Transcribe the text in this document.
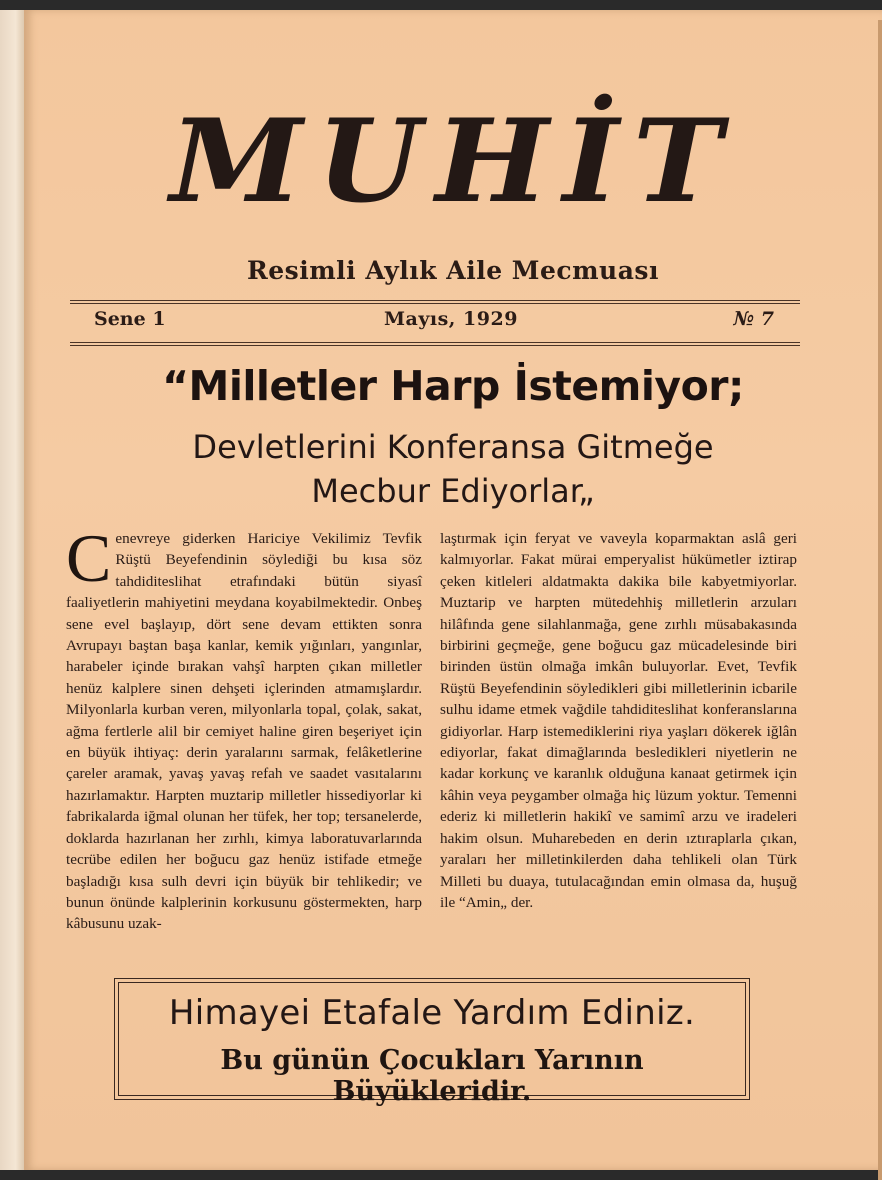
MUHİT
Resimli Aylık Aile Mecmuası
Sene 1	Mayıs, 1929	№ 7
“Milletler Harp İstemiyor;
Devletlerini Konferansa Gitmeğe
Mecbur Ediyorlar„
Cenevreye giderken Hariciye Vekilimiz Tevfik Rüştü Beyefendinin söylediği bu kısa söz tahdiditeslihat etrafındaki bütün siyasî faaliyetlerin mahiyetini meydana koyabilmektedir. Onbeş sene evel başlayıp, dört sene devam ettikten sonra Avrupayı baştan başa kanlar, kemik yığınları, yangınlar, harabeler içinde bırakan vahşî harpten çıkan milletler henüz kalplere sinen dehşeti içlerinden atmamışlardır. Milyonlarla kurban veren, milyonlarla topal, çolak, sakat, ağma fertlerle alil bir cemiyet haline giren beşeriyet için en büyük ihtiyaç: derin yaralarını sarmak, felâketlerine çareler aramak, yavaş yavaş refah ve saadet vasıtalarını hazırlamaktır. Harpten muztarip milletler hissediyorlar ki fabrikalarda iğmal olunan her tüfek, her top; tersanelerde, doklarda hazırlanan her zırhlı, kimya laboratuvarlarında tecrübe edilen her boğucu gaz henüz istifade etmeğe başladığı kısa sulh devri için büyük bir tehlikedir; ve bunun önünde kalplerinin korkusunu göstermekten, harp kâbusunu uzak-
laştırmak için feryat ve vaveyla koparmaktan aslâ geri kalmıyorlar. Fakat mürai emperyalist hükümetler iztirap çeken kitleleri aldatmakta dakika bile kabyetmiyorlar. Muztarip ve harpten mütedehhiş milletlerin arzuları hilâfında gene silahlanmağa, gene zırhlı müsabakasında birbirini geçmeğe, gene boğucu gaz mücadelesinde biri birinden üstün olmağa imkân buluyorlar. Evet, Tevfik Rüştü Beyefendinin söyledikleri gibi milletlerinin icbarile sulhu idame etmek vağdile tahdiditeslihat konferanslarına gidiyorlar. Harp istemediklerini riya yaşları dökerek iğlân ediyorlar, fakat dimağlarında besledikleri niyetlerin ne kadar korkunç ve karanlık olduğuna kanaat getirmek için kâhin veya peygamber olmağa hiç lüzum yoktur. Temenni ederiz ki milletlerin hakikî ve samimî arzu ve iradeleri hakim olsun. Muharebeden en derin ıztıraplarla çıkan, yaraları her milletinkilerden daha tehlikeli olan Türk Milleti bu duaya, tutulacağından emin olmasa da, huşuğ ile “Amin„ der.
Himayei Etafale Yardım Ediniz.
Bu günün Çocukları Yarının Büyükleridir.
